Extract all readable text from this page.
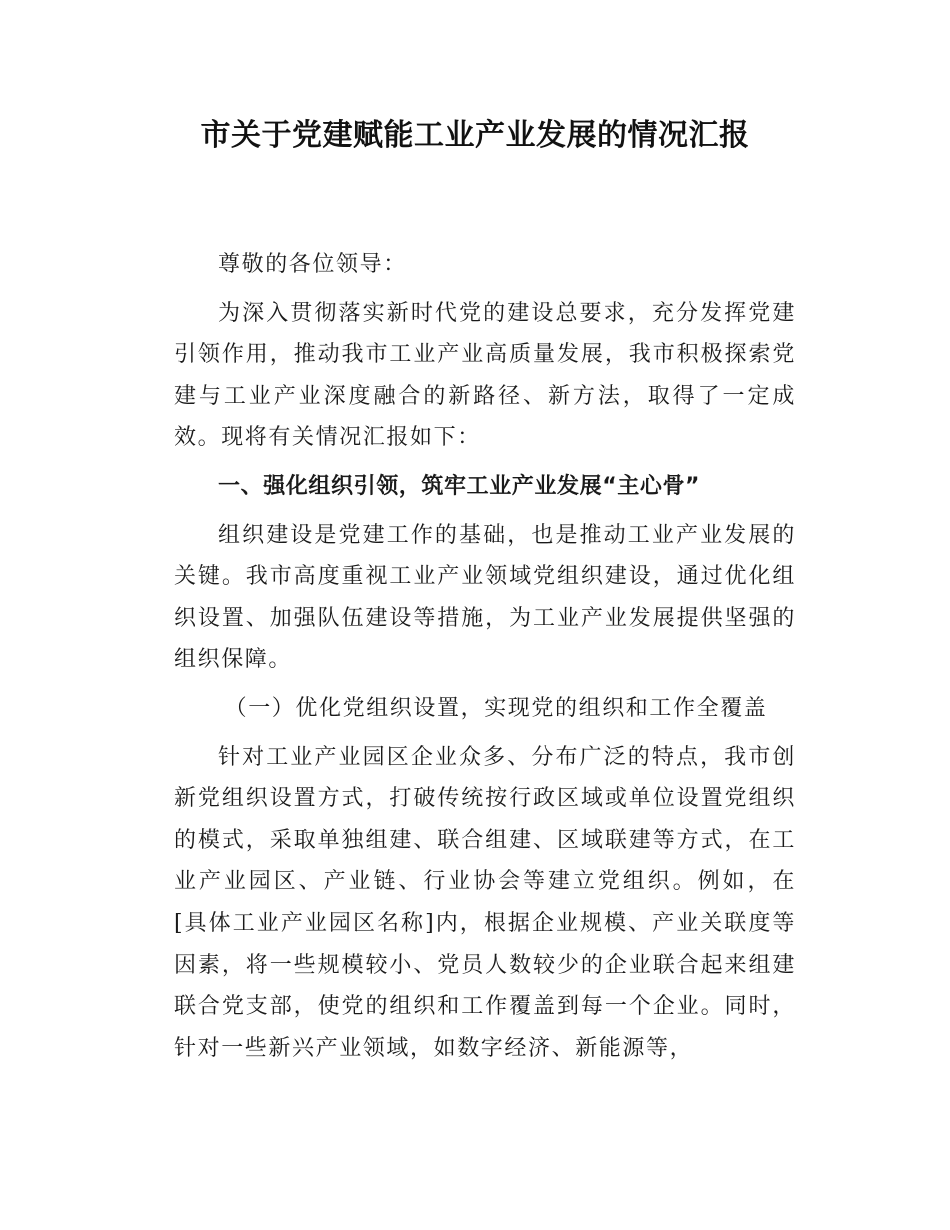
市关于党建赋能工业产业发展的情况汇报

尊敬的各位领导：

为深入贯彻落实新时代党的建设总要求，充分发挥党建引领作用，推动我市工业产业高质量发展，我市积极探索党建与工业产业深度融合的新路径、新方法，取得了一定成效。现将有关情况汇报如下：

一、强化组织引领，筑牢工业产业发展“主心骨”

组织建设是党建工作的基础，也是推动工业产业发展的关键。我市高度重视工业产业领域党组织建设，通过优化组织设置、加强队伍建设等措施，为工业产业发展提供坚强的组织保障。

（一）优化党组织设置，实现党的组织和工作全覆盖

针对工业产业园区企业众多、分布广泛的特点，我市创新党组织设置方式，打破传统按行政区域或单位设置党组织的模式，采取单独组建、联合组建、区域联建等方式，在工业产业园区、产业链、行业协会等建立党组织。例如，在[具体工业产业园区名称]内，根据企业规模、产业关联度等因素，将一些规模较小、党员人数较少的企业联合起来组建联合党支部，使党的组织和工作覆盖到每一个企业。同时，针对一些新兴产业领域，如数字经济、新能源等，
